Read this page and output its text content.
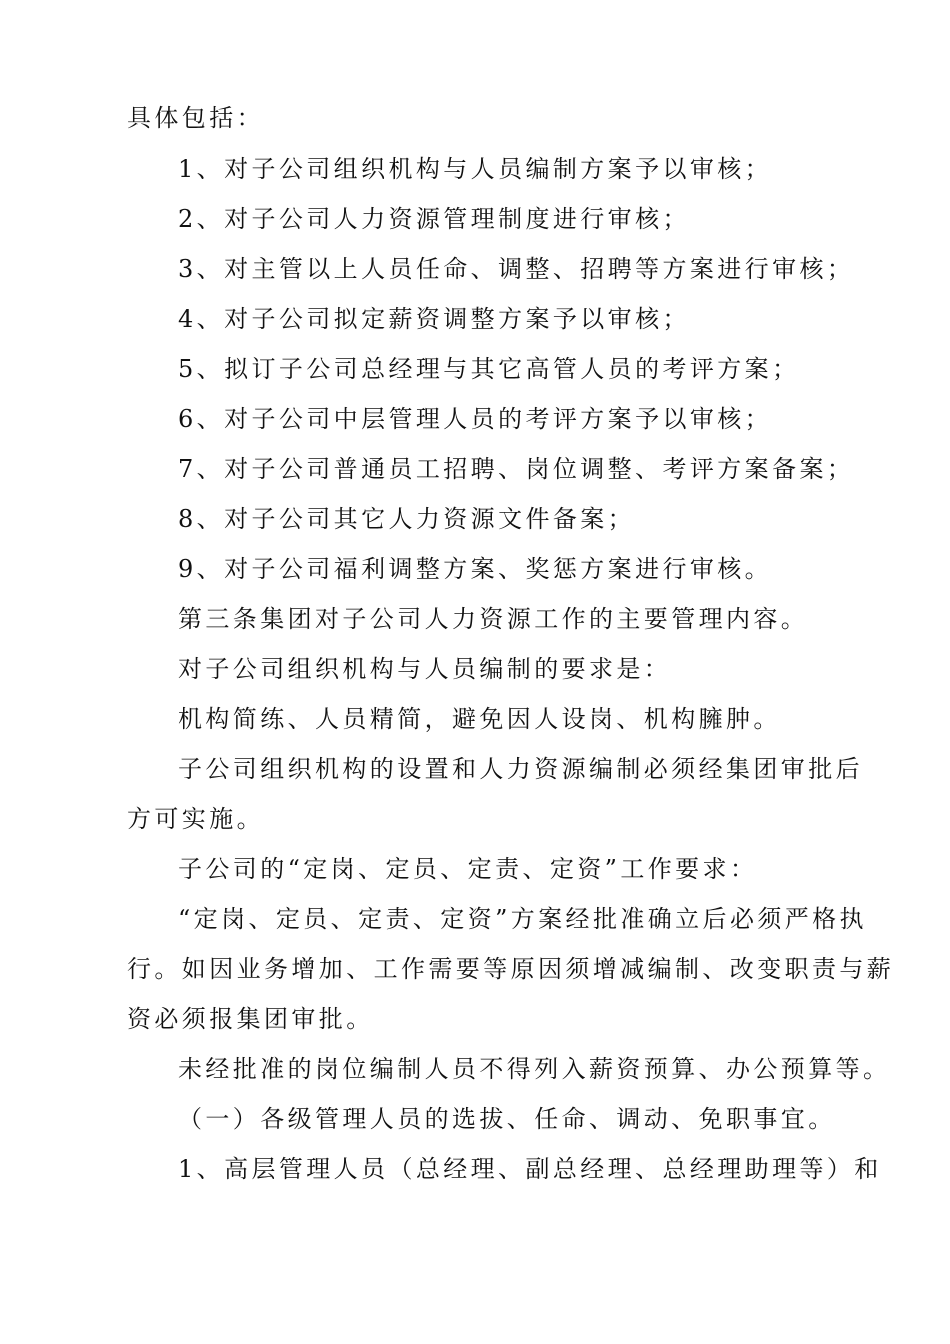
具体包括：
1、对子公司组织机构与人员编制方案予以审核；
2、对子公司人力资源管理制度进行审核；
3、对主管以上人员任命、调整、招聘等方案进行审核；
4、对子公司拟定薪资调整方案予以审核；
5、拟订子公司总经理与其它高管人员的考评方案；
6、对子公司中层管理人员的考评方案予以审核；
7、对子公司普通员工招聘、岗位调整、考评方案备案；
8、对子公司其它人力资源文件备案；
9、对子公司福利调整方案、奖惩方案进行审核。
第三条集团对子公司人力资源工作的主要管理内容。
对子公司组织机构与人员编制的要求是：
机构简练、人员精简，避免因人设岗、机构臃肿。
子公司组织机构的设置和人力资源编制必须经集团审批后
方可实施。
子公司的“定岗、定员、定责、定资”工作要求：
“定岗、定员、定责、定资”方案经批准确立后必须严格执
行。如因业务增加、工作需要等原因须增减编制、改变职责与薪
资必须报集团审批。
未经批准的岗位编制人员不得列入薪资预算、办公预算等。
（一）各级管理人员的选拔、任命、调动、免职事宜。
1、高层管理人员（总经理、副总经理、总经理助理等）和
